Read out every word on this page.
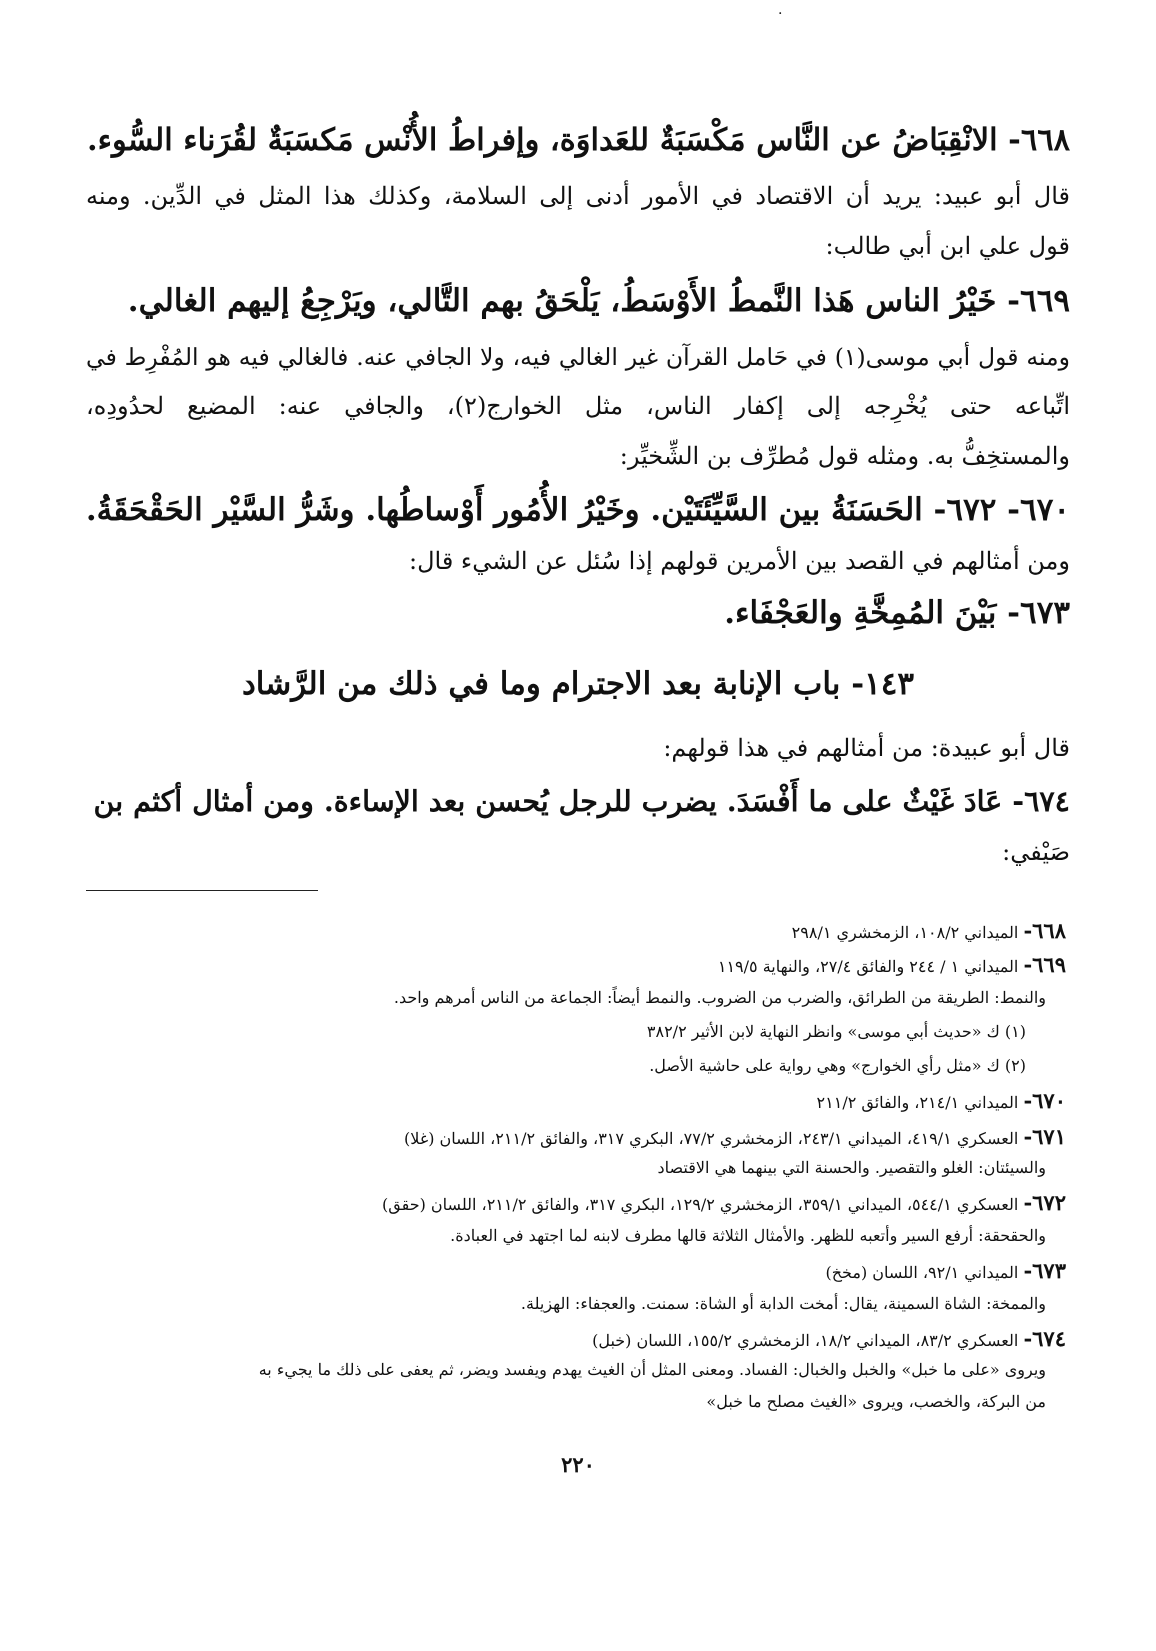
.
٦٦٨- الانْقِبَاضُ عن النَّاس مَكْسَبَةٌ للعَداوَة، وإفراطُ الأُنْس مَكسَبَةٌ لقُرَناء السُّوء.
قال أبو عبيد: يريد أن الاقتصاد في الأمور أدنى إلى السلامة، وكذلك هذا المثل في الدِّين. ومنه
قول علي ابن أبي طالب:
٦٦٩- خَيْرُ الناس هَذا النَّمطُ الأَوْسَطُ، يَلْحَقُ بهم التَّالي، ويَرْجِعُ إليهم الغالي.
ومنه قول أبي موسى(١) في حَامل القرآن غير الغالي فيه، ولا الجافي عنه. فالغالي فيه هو المُفْرِط في
اتِّباعه حتى يُخْرِجه إلى إكفار الناس، مثل الخوارج(٢)، والجافي عنه: المضيع لحدُودِه،
والمستخِفُّ به. ومثله قول مُطرِّف بن الشِّخيِّر:
٦٧٠- ٦٧٢- الحَسَنَةُ بين السَّيِّئَتَيْن. وخَيْرُ الأُمُور أَوْساطُها. وشَرُّ السَّيْر الحَقْحَقَةُ.
ومن أمثالهم في القصد بين الأمرين قولهم إذا سُئل عن الشيء قال:
٦٧٣- بَيْنَ المُمِخَّةِ والعَجْفَاء.
١٤٣- باب الإنابة بعد الاجترام وما في ذلك من الرَّشاد
قال أبو عبيدة: من أمثالهم في هذا قولهم:
٦٧٤- عَادَ غَيْثٌ على ما أَفْسَدَ. يضرب للرجل يُحسن بعد الإساءة. ومن أمثال أكثم بن
صَيْفي:
٦٦٨- الميداني ١٠٨/٢، الزمخشري ٢٩٨/١
٦٦٩- الميداني ١ / ٢٤٤ والفائق ٢٧/٤، والنهاية ١١٩/٥
والنمط: الطريقة من الطرائق، والضرب من الضروب. والنمط أيضاً: الجماعة من الناس أمرهم واحد.
(١) ك «حديث أبي موسى» وانظر النهاية لابن الأثير ٣٨٢/٢
(٢) ك «مثل رأي الخوارج» وهي رواية على حاشية الأصل.
٦٧٠- الميداني ٢١٤/١، والفائق ٢١١/٢
٦٧١- العسكري ٤١٩/١، الميداني ٢٤٣/١، الزمخشري ٧٧/٢، البكري ٣١٧، والفائق ٢١١/٢، اللسان (غلا)
والسيئتان: الغلو والتقصير. والحسنة التي بينهما هي الاقتصاد
٦٧٢- العسكري ٥٤٤/١، الميداني ٣٥٩/١، الزمخشري ١٢٩/٢، البكري ٣١٧، والفائق ٢١١/٢، اللسان (حقق)
والحقحقة: أرفع السير وأتعبه للظهر. والأمثال الثلاثة قالها مطرف لابنه لما اجتهد في العبادة.
٦٧٣- الميداني ٩٢/١، اللسان (مخخ)
والممخة: الشاة السمينة، يقال: أمخت الدابة أو الشاة: سمنت. والعجفاء: الهزيلة.
٦٧٤- العسكري ٨٣/٢، الميداني ١٨/٢، الزمخشري ١٥٥/٢، اللسان (خبل)
ويروى «على ما خبل» والخبل والخبال: الفساد. ومعنى المثل أن الغيث يهدم ويفسد ويضر، ثم يعفى على ذلك ما يجيء به
من البركة، والخصب، ويروى «الغيث مصلح ما خبل»
٢٢٠
